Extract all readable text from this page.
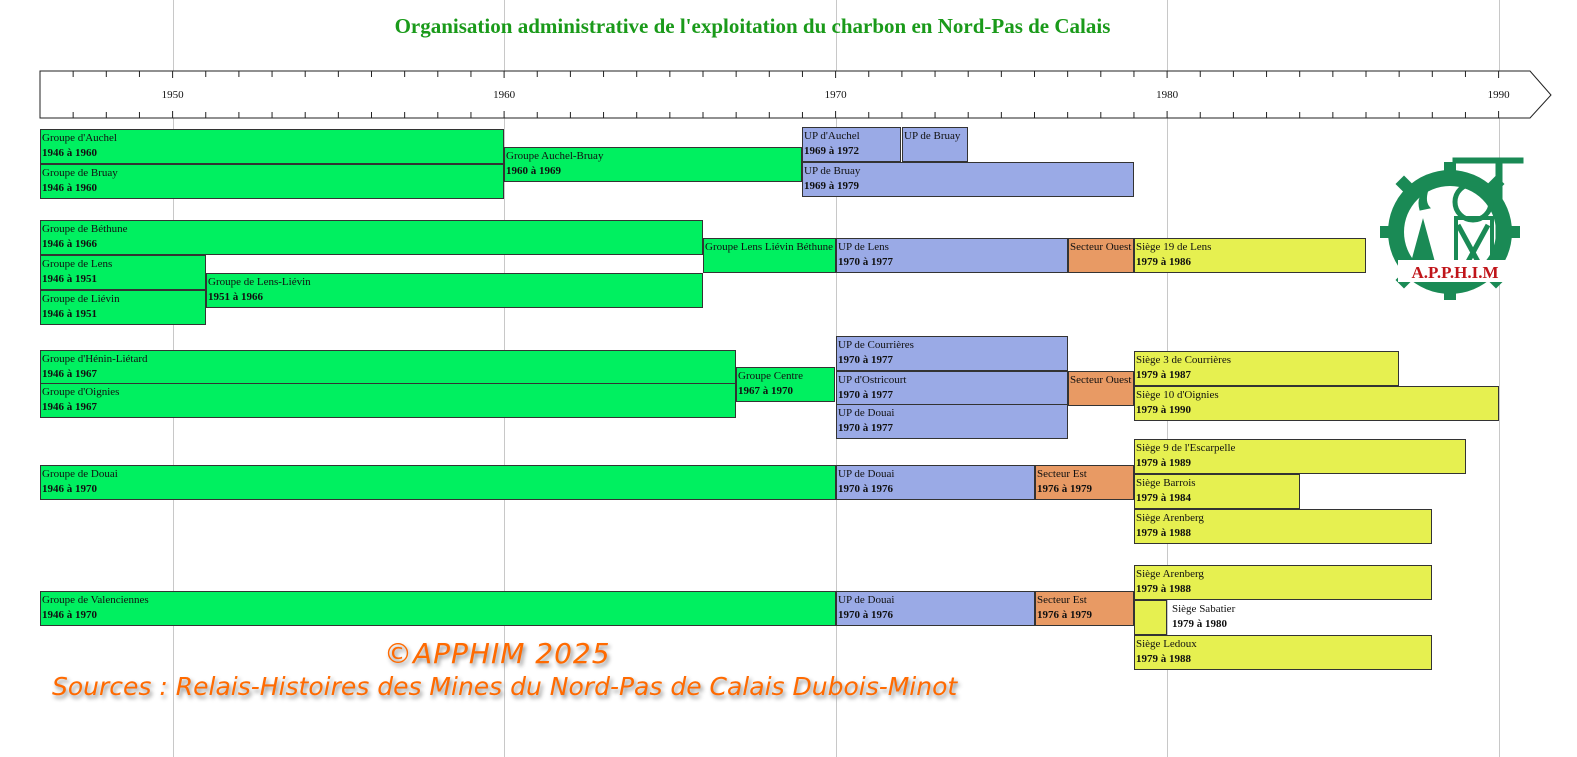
Organisation administrative de l'exploitation du charbon en Nord-Pas de Calais
1950	1960	1970	1980	1990
Groupe d'Auchel
1946 à 1960
Groupe de Bruay
1946 à 1960
Groupe Auchel-Bruay
1960 à 1969
UP d'Auchel
1969 à 1972
UP de Bruay
UP de Bruay
1969 à 1979
Groupe de Béthune
1946 à 1966
Groupe de Lens
1946 à 1951
Groupe de Liévin
1946 à 1951
Groupe de Lens-Liévin
1951 à 1966
Groupe Lens Liévin Béthune UP de Lens
1970 à 1977
Secteur Ouest Siège 19 de Lens
1979 à 1986
Groupe d'Hénin-Liétard
1946 à 1967
Groupe d'Oignies
1946 à 1967
Groupe Centre
1967 à 1970
UP de Courrières
1970 à 1977
UP d'Ostricourt
1970 à 1977
UP de Douai
1970 à 1977
Secteur Ouest
Siège 3 de Courrières
1979 à 1987
Siège 10 d'Oignies
1979 à 1990
Groupe de Douai
1946 à 1970
UP de Douai
1970 à 1976
Secteur Est
1976 à 1979
Siège 9 de l'Escarpelle
1979 à 1989
Siège Barrois
1979 à 1984
Siège Arenberg
1979 à 1988
Groupe de Valenciennes
1946 à 1970
UP de Douai
1970 à 1976
Secteur Est
1976 à 1979
Siège Arenberg
1979 à 1988
Siège Ledoux
1979 à 1988
Siège Sabatier
1979 à 1980
A.P.P.H.I.M
©APPHIM 2025
Sources : Relais-Histoires des Mines du Nord-Pas de Calais Dubois-Minot
